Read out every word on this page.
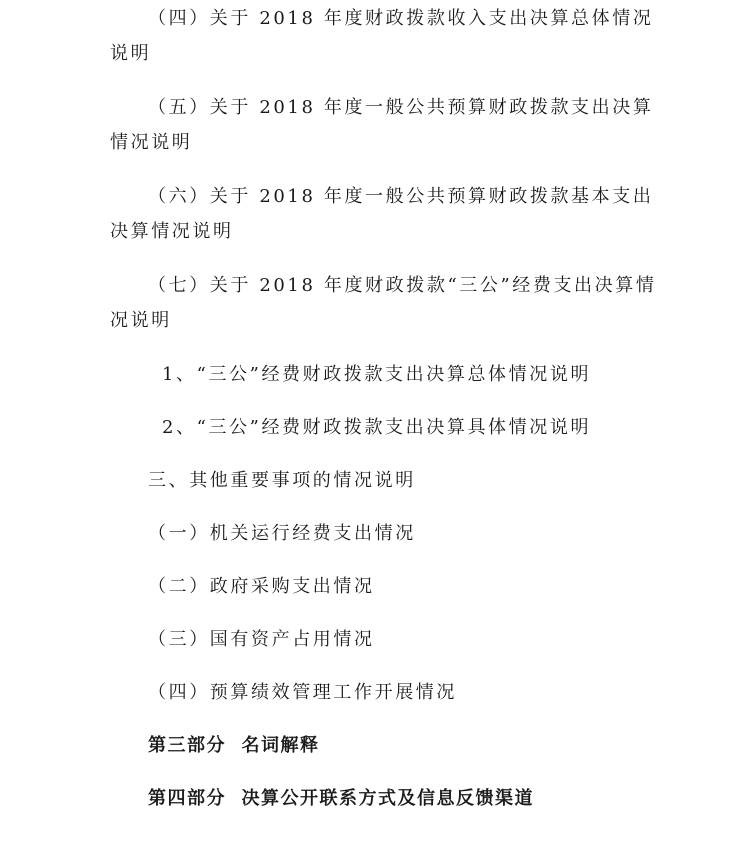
（四）关于 2018 年度财政拨款收入支出决算总体情况

说明

（五）关于 2018 年度一般公共预算财政拨款支出决算

情况说明

（六）关于 2018 年度一般公共预算财政拨款基本支出

决算情况说明

（七）关于 2018 年度财政拨款“三公”经费支出决算情

况说明

1、“三公”经费财政拨款支出决算总体情况说明

2、“三公”经费财政拨款支出决算具体情况说明

三、其他重要事项的情况说明

（一）机关运行经费支出情况

（二）政府采购支出情况

（三）国有资产占用情况

（四）预算绩效管理工作开展情况

第三部分  名词解释

第四部分  决算公开联系方式及信息反馈渠道
